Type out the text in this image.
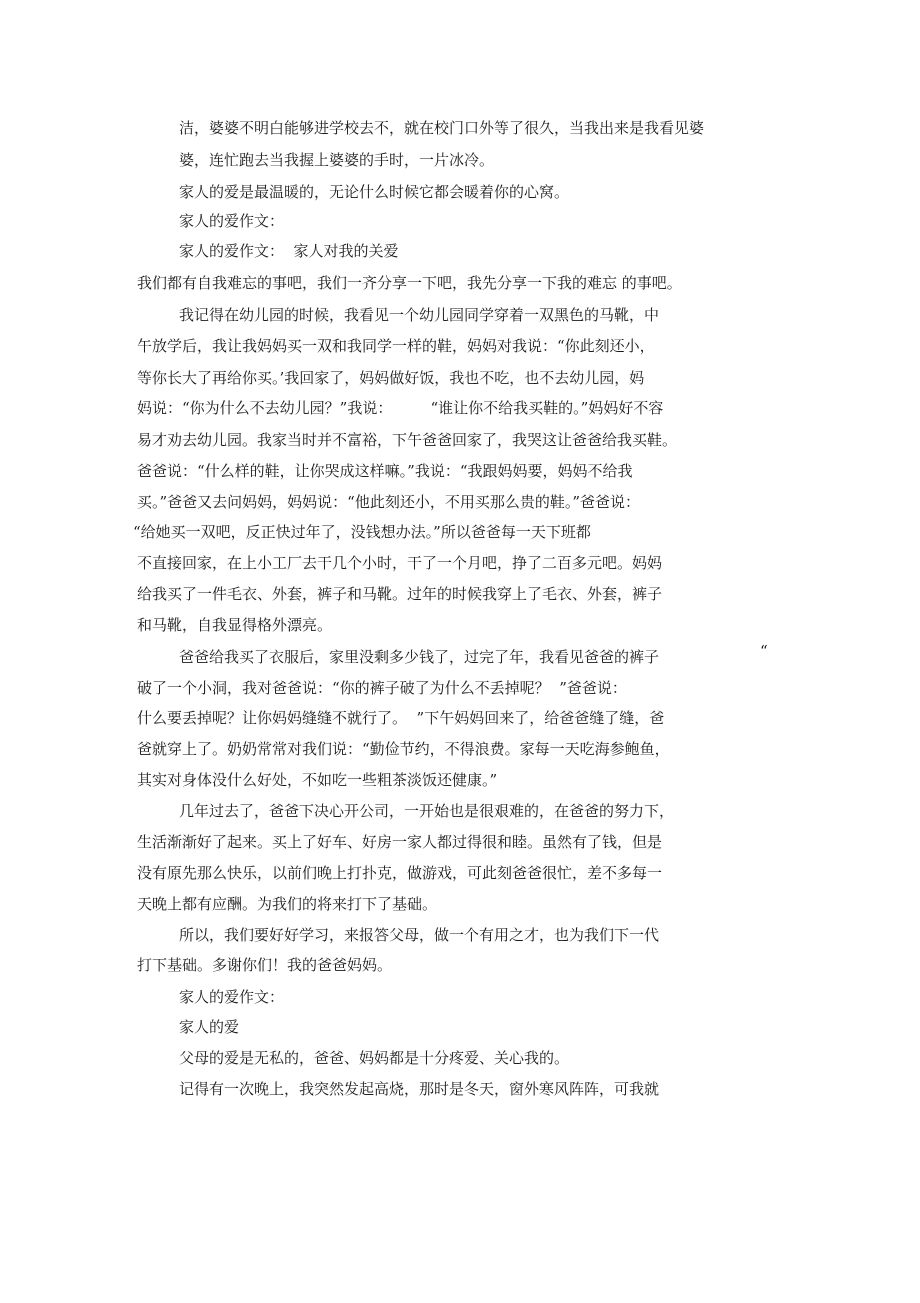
洁，婆婆不明白能够进学校去不，就在校门口外等了很久，当我出来是我看见婆

婆，连忙跑去当我握上婆婆的手时，一片冰冷。

家人的爱是最温暖的，无论什么时候它都会暖着你的心窝。

家人的爱作文：

家人的爱作文：  家人对我的关爱

我们都有自我难忘的事吧，我们一齐分享一下吧，我先分享一下我的难忘 的事吧。

我记得在幼儿园的时候，我看见一个幼儿园同学穿着一双黑色的马靴，中

午放学后，我让我妈妈买一双和我同学一样的鞋，妈妈对我说：“你此刻还小，

等你长大了再给你买。’我回家了，妈妈做好饭，我也不吃，也不去幼儿园，妈

妈说：“你为什么不去幼儿园？”我说：        “谁让你不给我买鞋的。”妈妈好不容

易才劝去幼儿园。我家当时并不富裕，下午爸爸回家了，我哭这让爸爸给我买鞋。

爸爸说：“什么样的鞋，让你哭成这样嘛。”我说：“我跟妈妈要，妈妈不给我

买。”爸爸又去问妈妈，妈妈说：“他此刻还小，不用买那么贵的鞋。”爸爸说：

“给她买一双吧，反正快过年了，没钱想办法。”所以爸爸每一天下班都

不直接回家，在上小工厂去干几个小时，干了一个月吧，挣了二百多元吧。妈妈

给我买了一件毛衣、外套，裤子和马靴。过年的时候我穿上了毛衣、外套，裤子

和马靴，自我显得格外漂亮。

爸爸给我买了衣服后，家里没剩多少钱了，过完了年，我看见爸爸的裤子	“

破了一个小洞，我对爸爸说：“你的裤子破了为什么不丢掉呢？  ”爸爸说：

什么要丢掉呢？让你妈妈缝缝不就行了。  ”下午妈妈回来了，给爸爸缝了缝，爸

爸就穿上了。奶奶常常对我们说：“勤俭节约，不得浪费。家每一天吃海参鲍鱼，

其实对身体没什么好处，不如吃一些粗茶淡饭还健康。”

几年过去了，爸爸下决心开公司，一开始也是很艰难的，在爸爸的努力下，

生活渐渐好了起来。买上了好车、好房一家人都过得很和睦。虽然有了钱，但是

没有原先那么快乐，以前们晚上打扑克，做游戏，可此刻爸爸很忙，差不多每一

天晚上都有应酬。为我们的将来打下了基础。

所以，我们要好好学习，来报答父母，做一个有用之才，也为我们下一代

打下基础。多谢你们！我的爸爸妈妈。

家人的爱作文：

家人的爱

父母的爱是无私的，爸爸、妈妈都是十分疼爱、关心我的。

记得有一次晚上，我突然发起高烧，那时是冬天，窗外寒风阵阵，可我就
